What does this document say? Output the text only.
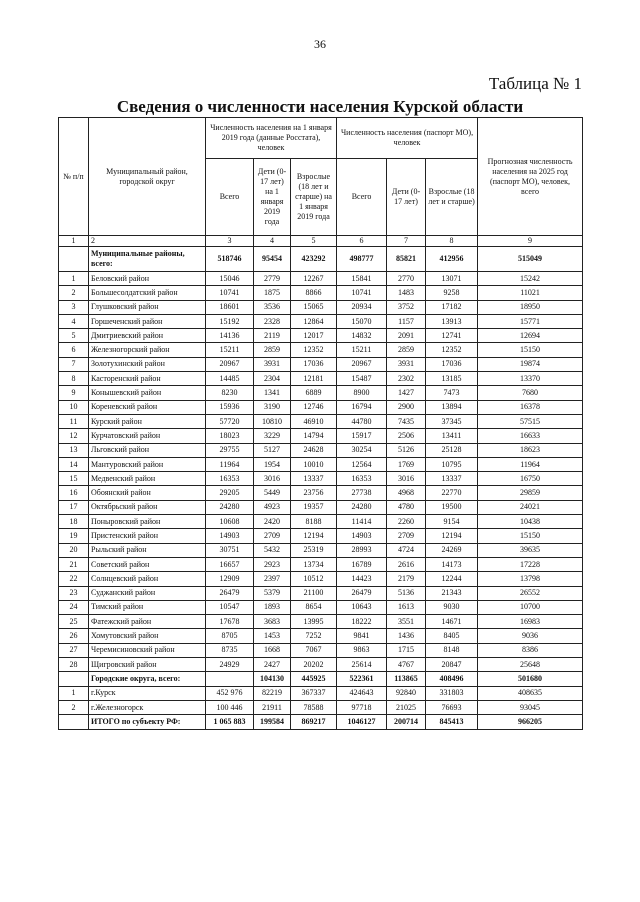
36
Таблица № 1
Сведения о численности населения Курской области
№ п/п	Муниципальный район, городской округ	Численность населения на 1 января 2019 года (данные Росстата), человек			Численность населения (паспорт МО), человек			Прогнозная численность населения на 2025 год (паспорт МО), человек, всего
		Всего	Дети (0-17 лет) на 1 января 2019 года	Взрослые (18 лет и старше) на 1 января 2019 года	Всего	Дети (0-17 лет)	Взрослые (18 лет и старше)	
1	2	3	4	5	6	7	8	9
	Муниципальные районы, всего:	518746	95454	423292	498777	85821	412956	515049
1	Беловский район	15046	2779	12267	15841	2770	13071	15242
2	Большесолдатский район	10741	1875	8866	10741	1483	9258	11021
3	Глушковский район	18601	3536	15065	20934	3752	17182	18950
4	Горшеченский район	15192	2328	12864	15070	1157	13913	15771
5	Дмитриевский район	14136	2119	12017	14832	2091	12741	12694
6	Железногорский район	15211	2859	12352	15211	2859	12352	15150
7	Золотухинский район	20967	3931	17036	20967	3931	17036	19874
8	Касторенский район	14485	2304	12181	15487	2302	13185	13370
9	Конышевский район	8230	1341	6889	8900	1427	7473	7680
10	Кореневский район	15936	3190	12746	16794	2900	13894	16378
11	Курский район	57720	10810	46910	44780	7435	37345	57515
12	Курчатовский район	18023	3229	14794	15917	2506	13411	16633
13	Льговский район	29755	5127	24628	30254	5126	25128	18623
14	Мантуровский район	11964	1954	10010	12564	1769	10795	11964
15	Медвенский район	16353	3016	13337	16353	3016	13337	16750
16	Обоянский район	29205	5449	23756	27738	4968	22770	29859
17	Октябрьский район	24280	4923	19357	24280	4780	19500	24021
18	Поныровский район	10608	2420	8188	11414	2260	9154	10438
19	Пристенский район	14903	2709	12194	14903	2709	12194	15150
20	Рыльский район	30751	5432	25319	28993	4724	24269	39635
21	Советский район	16657	2923	13734	16789	2616	14173	17228
22	Солнцевский район	12909	2397	10512	14423	2179	12244	13798
23	Суджанский район	26479	5379	21100	26479	5136	21343	26552
24	Тимский район	10547	1893	8654	10643	1613	9030	10700
25	Фатежский район	17678	3683	13995	18222	3551	14671	16983
26	Хомутовский район	8705	1453	7252	9841	1436	8405	9036
27	Черемисиновский район	8735	1668	7067	9863	1715	8148	8386
28	Щигровский район	24929	2427	20202	25614	4767	20847	25648
	Городские округа, всего:		104130	445925	522361	113865	408496	501680
1	г.Курск	452 976	82219	367337	424643	92840	331803	408635
2	г.Железногорск	100 446	21911	78588	97718	21025	76693	93045
	ИТОГО по субъекту РФ:	1 065 883	199584	869217	1046127	200714	845413	966205
